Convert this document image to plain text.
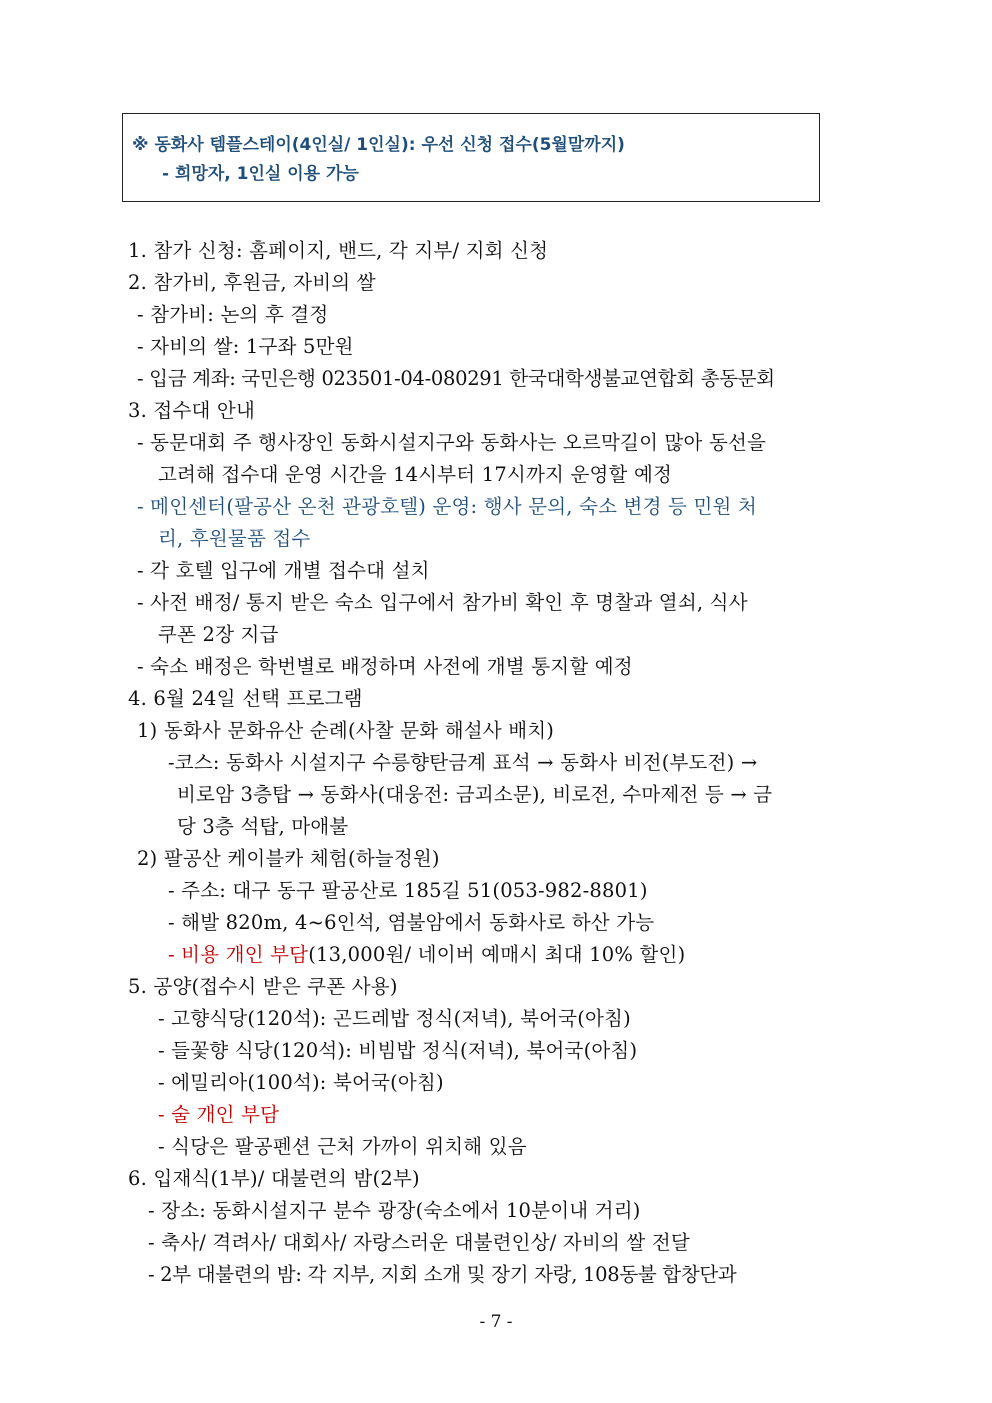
※ 동화사 템플스테이(4인실/ 1인실): 우선 신청 접수(5월말까지)
- 희망자, 1인실 이용 가능
1. 참가 신청: 홈페이지, 밴드, 각 지부/ 지회 신청
2. 참가비, 후원금, 자비의 쌀
- 참가비: 논의 후 결정
- 자비의 쌀: 1구좌 5만원
- 입금 계좌: 국민은행 023501-04-080291 한국대학생불교연합회 총동문회
3. 접수대 안내
- 동문대회 주 행사장인 동화시설지구와 동화사는 오르막길이 많아 동선을
고려해 접수대 운영 시간을 14시부터 17시까지 운영할 예정
- 메인센터(팔공산 온천 관광호텔) 운영: 행사 문의, 숙소 변경 등 민원 처
리, 후원물품 접수
- 각 호텔 입구에 개별 접수대 설치
- 사전 배정/ 통지 받은 숙소 입구에서 참가비 확인 후 명찰과 열쇠, 식사
쿠폰 2장 지급
- 숙소 배정은 학번별로 배정하며 사전에 개별 통지할 예정
4. 6월 24일 선택 프로그램
1) 동화사 문화유산 순례(사찰 문화 해설사 배치)
-코스: 동화사 시설지구 수릉향탄금계 표석 → 동화사 비전(부도전) →
비로암 3층탑 → 동화사(대웅전: 금괴소문), 비로전, 수마제전 등 → 금
당 3층 석탑, 마애불
2) 팔공산 케이블카 체험(하늘정원)
- 주소: 대구 동구 팔공산로 185길 51(053-982-8801)
- 해발 820m, 4~6인석, 염불암에서 동화사로 하산 가능
- 비용 개인 부담(13,000원/ 네이버 예매시 최대 10% 할인)
5. 공양(접수시 받은 쿠폰 사용)
- 고향식당(120석): 곤드레밥 정식(저녁), 북어국(아침)
- 들꽃향 식당(120석): 비빔밥 정식(저녁), 북어국(아침)
- 에밀리아(100석): 북어국(아침)
- 술 개인 부담
- 식당은 팔공펜션 근처 가까이 위치해 있음
6. 입재식(1부)/ 대불련의 밤(2부)
- 장소: 동화시설지구 분수 광장(숙소에서 10분이내 거리)
- 축사/ 격려사/ 대회사/ 자랑스러운 대불련인상/ 자비의 쌀 전달
- 2부 대불련의 밤: 각 지부, 지회 소개 및 장기 자랑, 108동불 합창단과
- 7 -
